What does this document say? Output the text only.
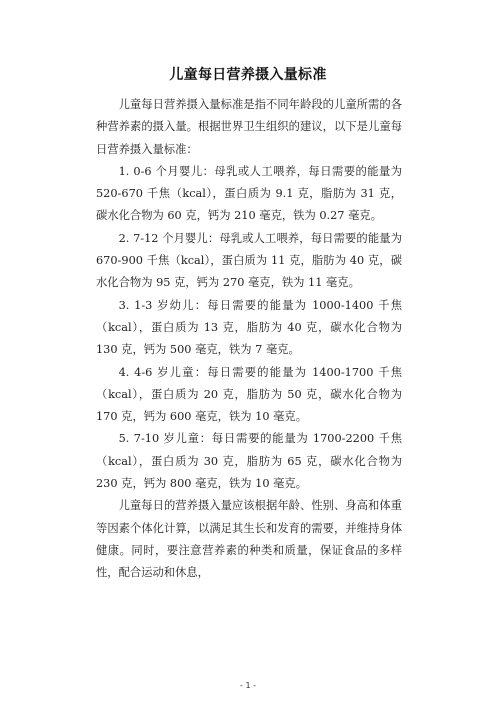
儿童每日营养摄入量标准

儿童每日营养摄入量标准是指不同年龄段的儿童所需的各种营养素的摄入量。根据世界卫生组织的建议，以下是儿童每日营养摄入量标准：

1. 0-6 个月婴儿：母乳或人工喂养，每日需要的能量为 520-670 千焦（kcal），蛋白质为 9.1 克，脂肪为 31 克，碳水化合物为 60 克，钙为 210 毫克，铁为 0.27 毫克。

2. 7-12 个月婴儿：母乳或人工喂养，每日需要的能量为 670-900 千焦（kcal），蛋白质为 11 克，脂肪为 40 克，碳水化合物为 95 克，钙为 270 毫克，铁为 11 毫克。

3. 1-3 岁幼儿：每日需要的能量为 1000-1400 千焦（kcal），蛋白质为 13 克，脂肪为 40 克，碳水化合物为 130 克，钙为 500 毫克，铁为 7 毫克。

4. 4-6 岁儿童：每日需要的能量为 1400-1700 千焦（kcal），蛋白质为 20 克，脂肪为 50 克，碳水化合物为 170 克，钙为 600 毫克，铁为 10 毫克。

5. 7-10 岁儿童：每日需要的能量为 1700-2200 千焦（kcal），蛋白质为 30 克，脂肪为 65 克，碳水化合物为 230 克，钙为 800 毫克，铁为 10 毫克。

儿童每日的营养摄入量应该根据年龄、性别、身高和体重等因素个体化计算，以满足其生长和发育的需要，并维持身体健康。同时，要注意营养素的种类和质量，保证食品的多样性，配合运动和休息，

- 1 -
